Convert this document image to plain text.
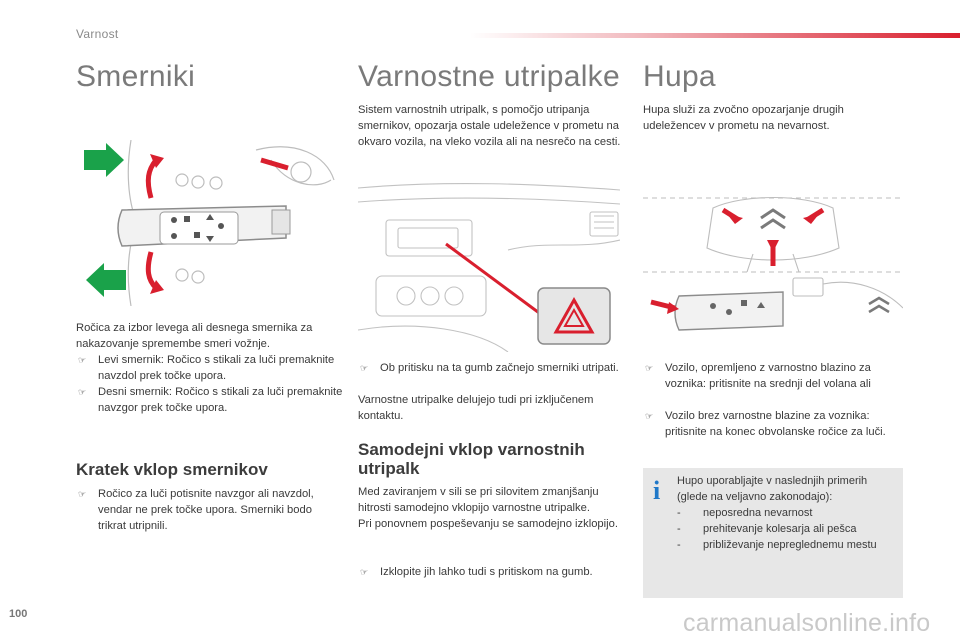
Varnost
Smerniki
Ročica za izbor levega ali desnega smernika za nakazovanje spremembe smeri vožnje.
☞ Levi smernik: Ročico s stikali za luči premaknite navzdol prek točke upora.
☞ Desni smernik: Ročico s stikali za luči premaknite navzgor prek točke upora.
Kratek vklop smernikov
☞ Ročico za luči potisnite navzgor ali navzdol, vendar ne prek točke upora. Smerniki bodo trikrat utripnili.
Varnostne utripalke
Sistem varnostnih utripalk, s pomočjo utripanja smernikov, opozarja ostale udeležence v prometu na okvaro vozila, na vleko vozila ali na nesrečo na cesti.
☞ Ob pritisku na ta gumb začnejo smerniki utripati.
Varnostne utripalke delujejo tudi pri izključenem kontaktu.
Samodejni vklop varnostnih utripalk
Med zaviranjem v sili se pri silovitem zmanjšanju hitrosti samodejno vklopijo varnostne utripalke.
Pri ponovnem pospeševanju se samodejno izklopijo.
☞ Izklopite jih lahko tudi s pritiskom na gumb.
Hupa
Hupa služi za zvočno opozarjanje drugih udeležencev v prometu na nevarnost.
☞ Vozilo, opremljeno z varnostno blazino za voznika: pritisnite na srednji del volana ali
☞ Vozilo brez varnostne blazine za voznika: pritisnite na konec obvolanske ročice za luči.
i Hupo uporabljajte v naslednjih primerih (glede na veljavno zakonodajo):
- neposredna nevarnost
- prehitevanje kolesarja ali pešca
- približevanje nepreglednemu mestu
100	carmanualsonline.info
